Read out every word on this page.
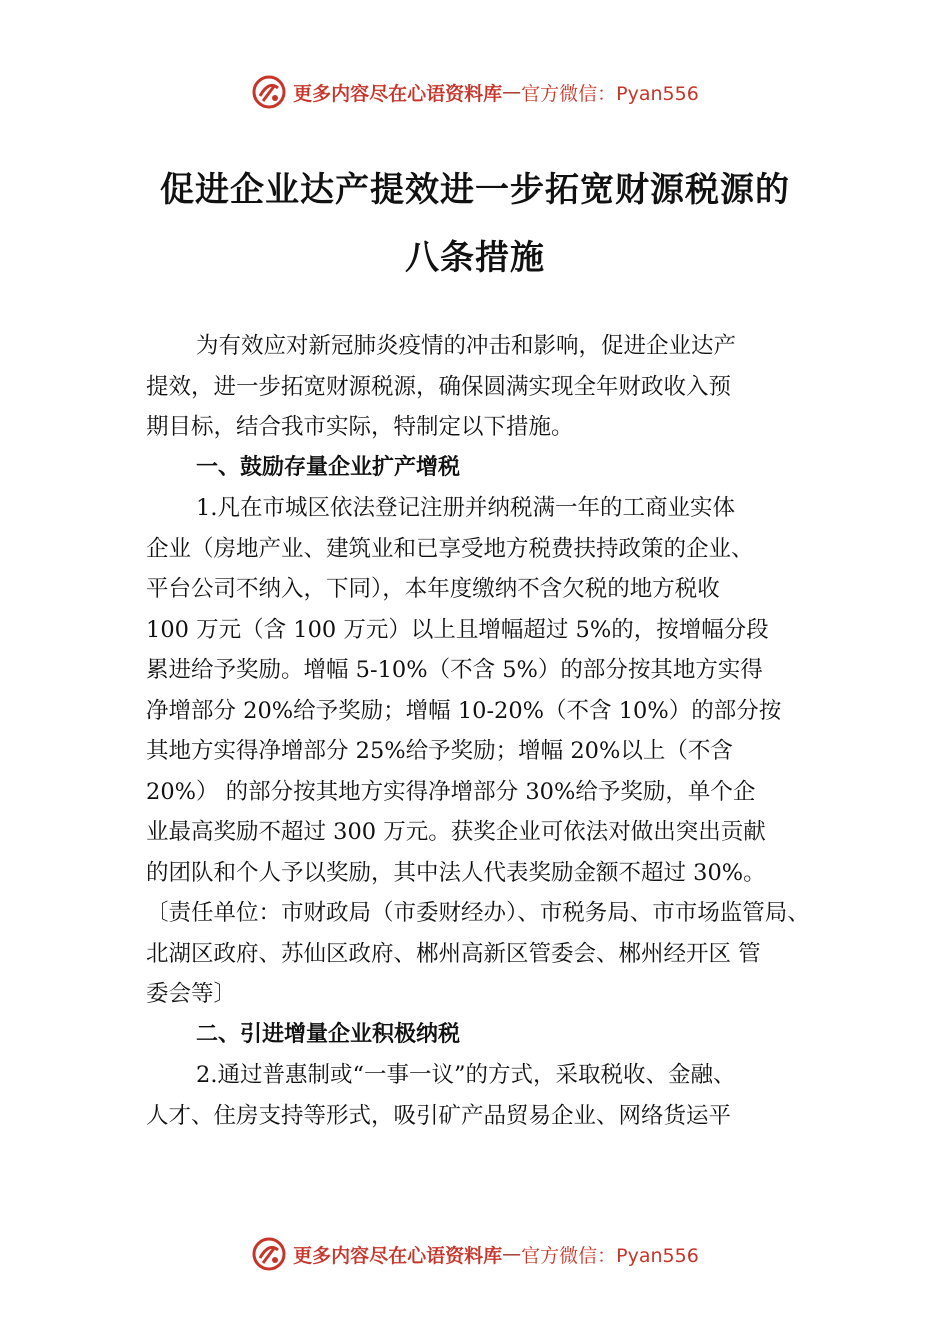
更多内容尽在心语资料库 — 官方微信：Pyan556
促进企业达产提效进一步拓宽财源税源的
八条措施
为有效应对新冠肺炎疫情的冲击和影响，促进企业达产
提效，进一步拓宽财源税源，确保圆满实现全年财政收入预
期目标，结合我市实际，特制定以下措施。
一、鼓励存量企业扩产增税
1.凡在市城区依法登记注册并纳税满一年的工商业实体
企业（房地产业、建筑业和已享受地方税费扶持政策的企业、
平台公司不纳入，下同），本年度缴纳不含欠税的地方税收
100 万元（含 100 万元）以上且增幅超过 5%的，按增幅分段
累进给予奖励。增幅 5-10%（不含 5%）的部分按其地方实得
净增部分 20%给予奖励；增幅 10-20%（不含 10%）的部分按
其地方实得净增部分 25%给予奖励；增幅 20%以上（不含
20%） 的部分按其地方实得净增部分 30%给予奖励，单个企
业最高奖励不超过 300 万元。获奖企业可依法对做出突出贡献
的团队和个人予以奖励，其中法人代表奖励金额不超过 30%。
〔责任单位：市财政局（市委财经办）、市税务局、市市场监管局、
北湖区政府、苏仙区政府、郴州高新区管委会、郴州经开区 管
委会等〕
二、引进增量企业积极纳税
2.通过普惠制或“一事一议”的方式，采取税收、金融、
人才、住房支持等形式，吸引矿产品贸易企业、网络货运平
更多内容尽在心语资料库 — 官方微信：Pyan556
